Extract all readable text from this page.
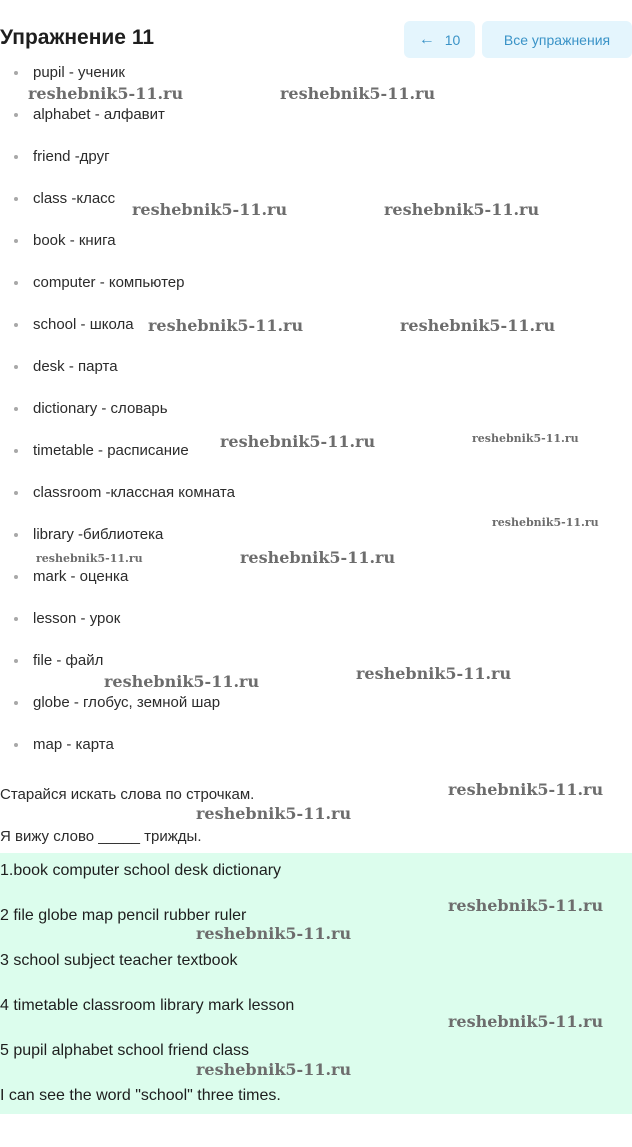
Упражнение 11	← 10	Все упражнения
pupil - ученик
alphabet - алфавит
friend -друг
class -класс
book - книга
computer - компьютер
school - школа
desk - парта
dictionary - словарь
timetable - расписание
classroom -классная комната
library -библиотека
mark - оценка
lesson - урок
file - файл
globe - глобус, земной шар
map - карта
Старайся искать слова по строчкам.
Я вижу слово _____ трижды.
1.book computer school desk dictionary
2 file globe map pencil rubber ruler
3 school subject teacher textbook
4 timetable classroom library mark lesson
5 pupil alphabet school friend class
I can see the word "school" three times.
reshebnik5-11.ru	reshebnik5-11.ru
reshebnik5-11.ru	reshebnik5-11.ru
reshebnik5-11.ru	reshebnik5-11.ru
reshebnik5-11.ru	reshebnik5-11.ru
reshebnik5-11.ru
reshebnik5-11.ru	reshebnik5-11.ru
reshebnik5-11.ru	reshebnik5-11.ru
reshebnik5-11.ru
reshebnik5-11.ru
reshebnik5-11.ru
reshebnik5-11.ru
reshebnik5-11.ru
reshebnik5-11.ru
